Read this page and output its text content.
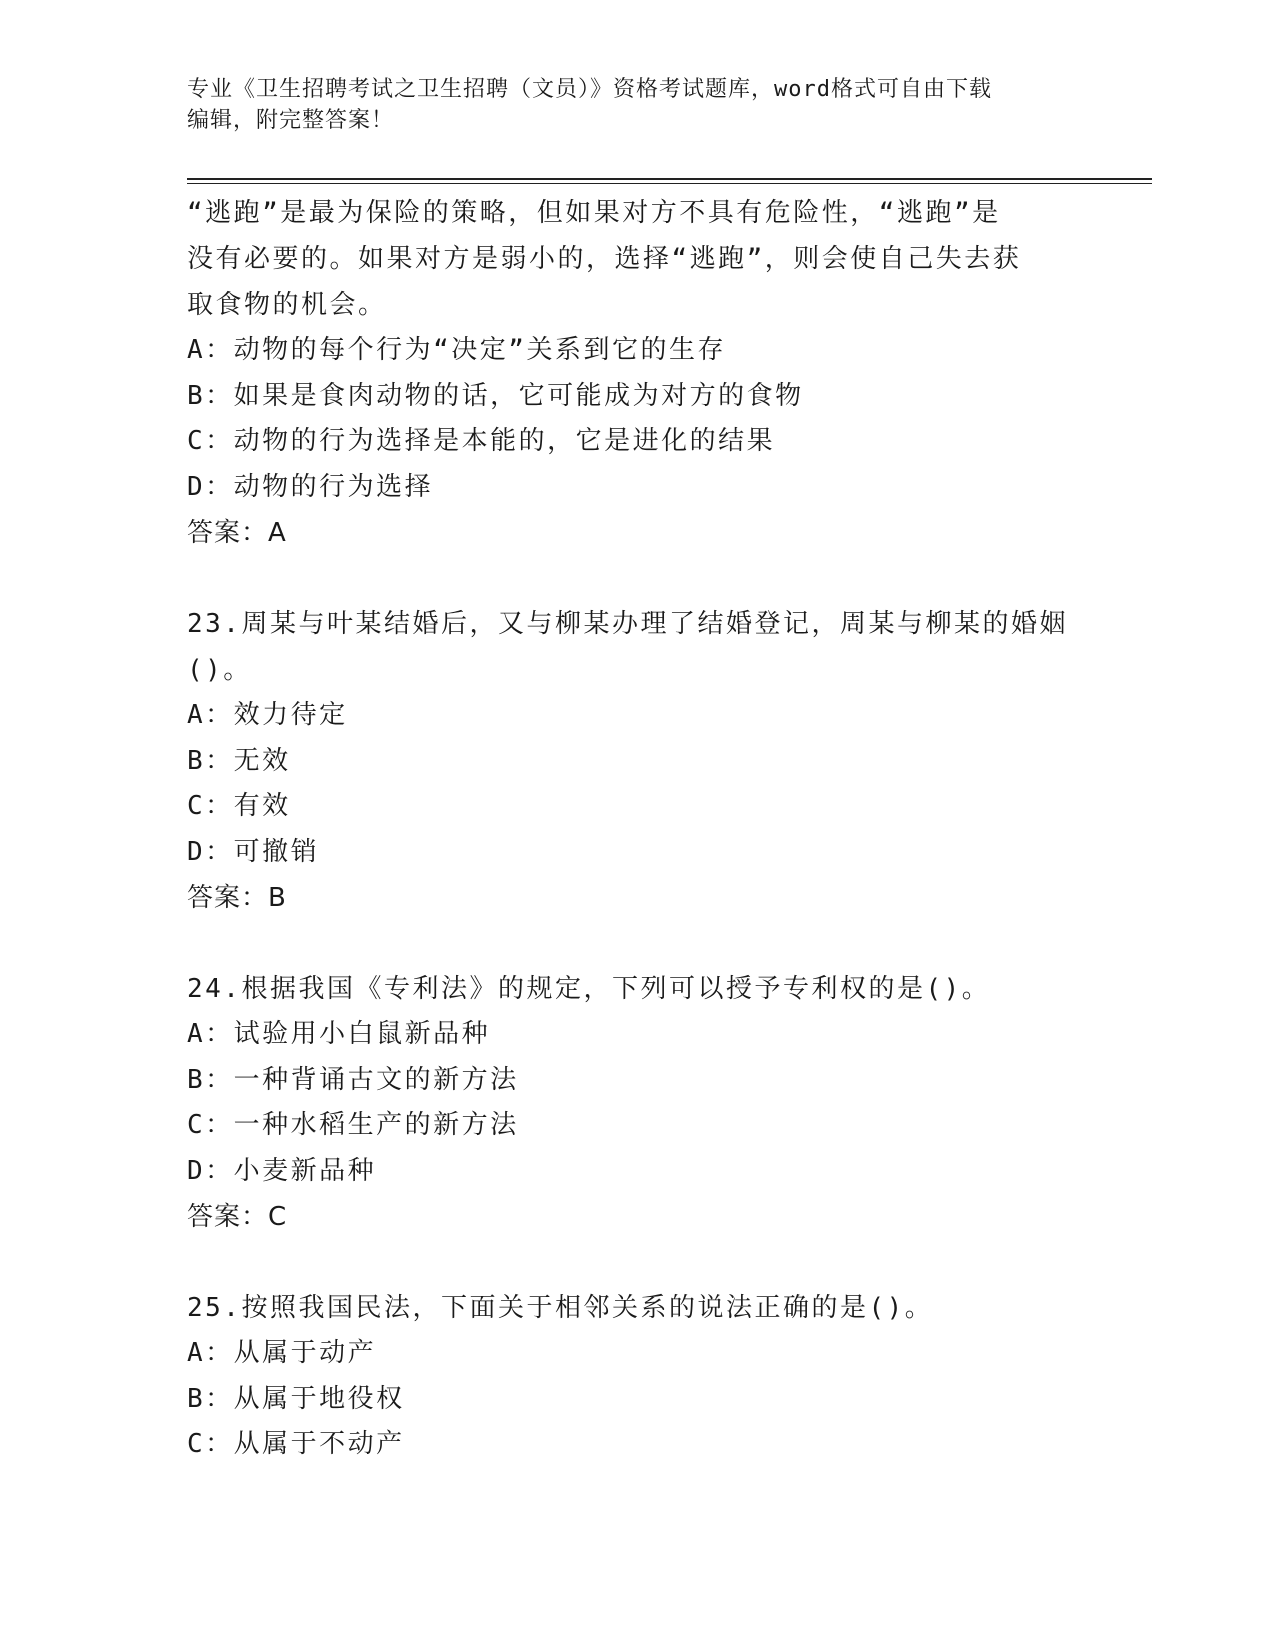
专业《卫生招聘考试之卫生招聘（文员）》资格考试题库，word格式可自由下载
编辑，附完整答案！
“逃跑”是最为保险的策略，但如果对方不具有危险性，“逃跑”是
没有必要的。如果对方是弱小的，选择“逃跑”，则会使自己失去获
取食物的机会。
A：动物的每个行为“决定”关系到它的生存
B：如果是食肉动物的话，它可能成为对方的食物
C：动物的行为选择是本能的，它是进化的结果
D：动物的行为选择
答案：A
23.周某与叶某结婚后，又与柳某办理了结婚登记，周某与柳某的婚姻
()。
A：效力待定
B：无效
C：有效
D：可撤销
答案：B
24.根据我国《专利法》的规定，下列可以授予专利权的是()。
A：试验用小白鼠新品种
B：一种背诵古文的新方法
C：一种水稻生产的新方法
D：小麦新品种
答案：C
25.按照我国民法，下面关于相邻关系的说法正确的是()。
A：从属于动产
B：从属于地役权
C：从属于不动产
